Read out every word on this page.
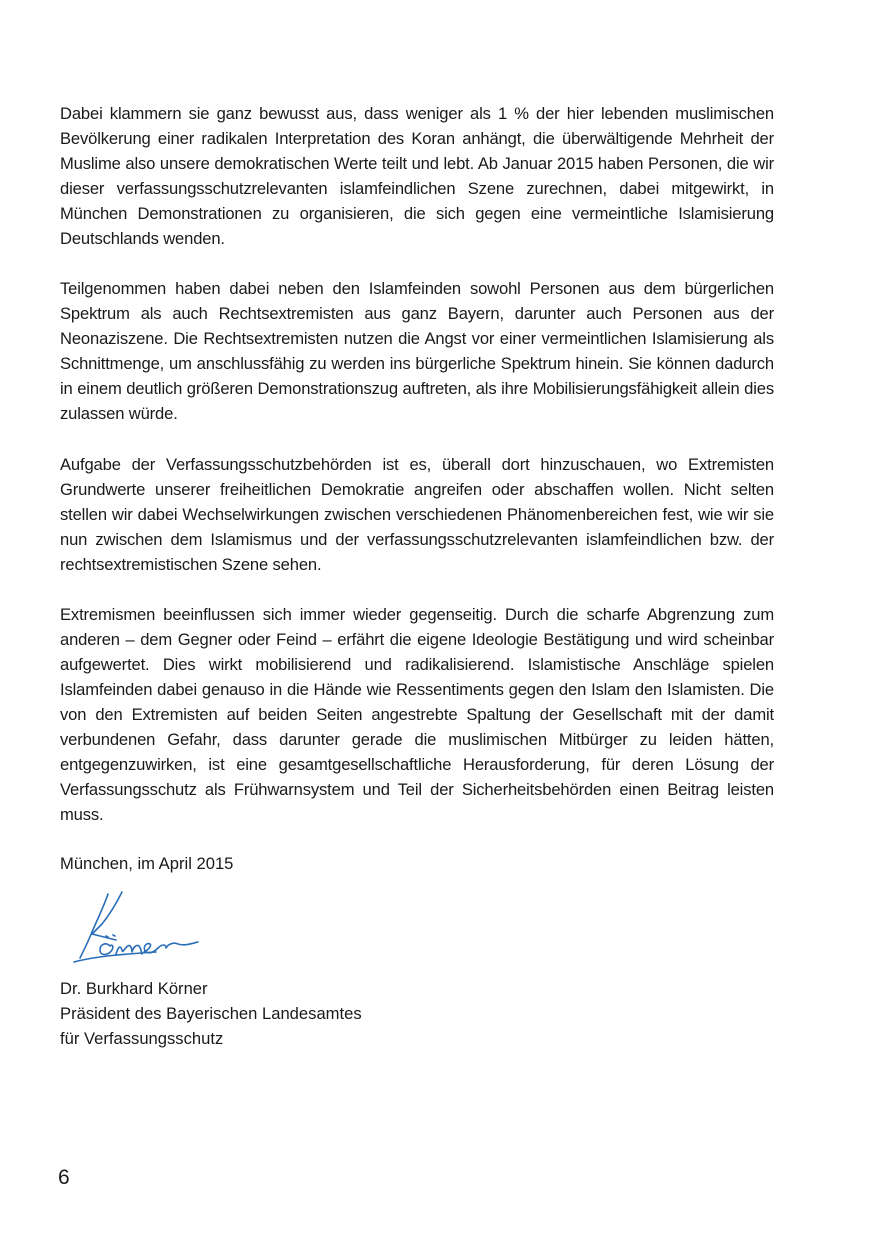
Dabei klammern sie ganz bewusst aus, dass weniger als 1 % der hier lebenden muslimischen Bevölkerung einer radikalen Interpretation des Koran anhängt, die überwältigende Mehrheit der Muslime also unsere demokratischen Werte teilt und lebt. Ab Januar 2015 haben Personen, die wir dieser verfassungsschutzrelevanten islamfeindlichen Szene zurechnen, dabei mitgewirkt, in München Demonstrationen zu organisieren, die sich gegen eine vermeintliche Islamisierung Deutschlands wenden.

Teilgenommen haben dabei neben den Islamfeinden sowohl Personen aus dem bürgerlichen Spektrum als auch Rechtsextremisten aus ganz Bayern, darunter auch Personen aus der Neonaziszene. Die Rechtsextremisten nutzen die Angst vor einer vermeintlichen Islamisierung als Schnittmenge, um anschlussfähig zu werden ins bürgerliche Spektrum hinein. Sie können dadurch in einem deutlich größeren Demonstrationszug auftreten, als ihre Mobilisierungsfähigkeit allein dies zulassen würde.

Aufgabe der Verfassungsschutzbehörden ist es, überall dort hinzuschauen, wo Extremisten Grundwerte unserer freiheitlichen Demokratie angreifen oder abschaffen wollen. Nicht selten stellen wir dabei Wechselwirkungen zwischen verschiedenen Phänomenbereichen fest, wie wir sie nun zwischen dem Islamismus und der verfassungsschutzrelevanten islamfeindlichen bzw. der rechtsextremistischen Szene sehen.

Extremismen beeinflussen sich immer wieder gegenseitig. Durch die scharfe Abgrenzung zum anderen – dem Gegner oder Feind – erfährt die eigene Ideologie Bestätigung und wird scheinbar aufgewertet. Dies wirkt mobilisierend und radikalisierend. Islamistische Anschläge spielen Islamfeinden dabei genauso in die Hände wie Ressentiments gegen den Islam den Islamisten. Die von den Extremisten auf beiden Seiten angestrebte Spaltung der Gesellschaft mit der damit verbundenen Gefahr, dass darunter gerade die muslimischen Mitbürger zu leiden hätten, entgegenzuwirken, ist eine gesamtgesellschaftliche Herausforderung, für deren Lösung der Verfassungsschutz als Frühwarnsystem und Teil der Sicherheitsbehörden einen Beitrag leisten muss.

München, im April 2015
Dr. Burkhard Körner
Präsident des Bayerischen Landesamtes
für Verfassungsschutz
6
